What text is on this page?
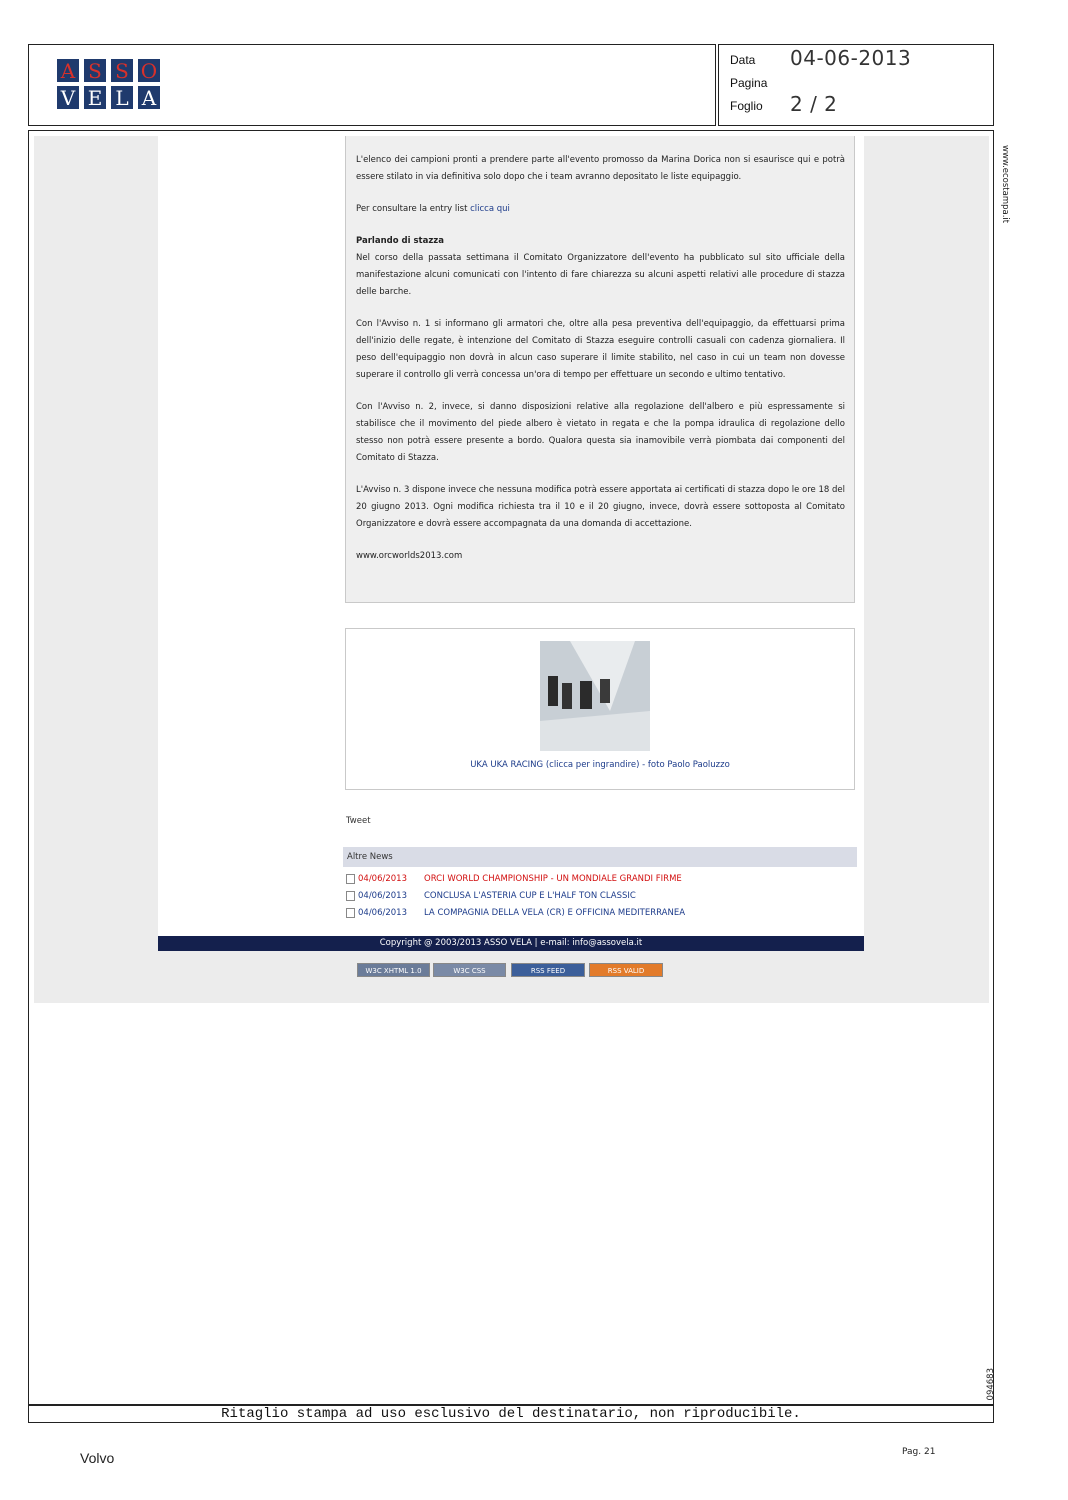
A S S O
V E L A
Data 04-06-2013
Pagina
Foglio 2 / 2

L'elenco dei campioni pronti a prendere parte all'evento promosso da Marina Dorica non si esaurisce qui e potrà essere stilato in via definitiva solo dopo che i team avranno depositato le liste equipaggio.

Per consultare la entry list clicca qui

Parlando di stazza

Nel corso della passata settimana il Comitato Organizzatore dell'evento ha pubblicato sul sito ufficiale della manifestazione alcuni comunicati con l'intento di fare chiarezza su alcuni aspetti relativi alle procedure di stazza delle barche.

Con l'Avviso n. 1 si informano gli armatori che, oltre alla pesa preventiva dell'equipaggio, da effettuarsi prima dell'inizio delle regate, è intenzione del Comitato di Stazza eseguire controlli casuali con cadenza giornaliera. Il peso dell'equipaggio non dovrà in alcun caso superare il limite stabilito, nel caso in cui un team non dovesse superare il controllo gli verrà concessa un'ora di tempo per effettuare un secondo e ultimo tentativo.

Con l'Avviso n. 2, invece, si danno disposizioni relative alla regolazione dell'albero e più espressamente si stabilisce che il movimento del piede albero è vietato in regata e che la pompa idraulica di regolazione dello stesso non potrà essere presente a bordo. Qualora questa sia inamovibile verrà piombata dai componenti del Comitato di Stazza.

L'Avviso n. 3 dispone invece che nessuna modifica potrà essere apportata ai certificati di stazza dopo le ore 18 del 20 giugno 2013. Ogni modifica richiesta tra il 10 e il 20 giugno, invece, dovrà essere sottoposta al Comitato Organizzatore e dovrà essere accompagnata da una domanda di accettazione.

www.orcworlds2013.com

UKA UKA RACING (clicca per ingrandire) - foto Paolo Paoluzzo
Tweet
Altre News
04/06/2013	ORCI WORLD CHAMPIONSHIP - UN MONDIALE GRANDI FIRME
04/06/2013	CONCLUSA L'ASTERIA CUP E L'HALF TON CLASSIC
04/06/2013	LA COMPAGNIA DELLA VELA (CR) E OFFICINA MEDITERRANEA
Copyright @ 2003/2013 ASSO VELA | e-mail: info@assovela.it
W3C XHTML 1.0	W3C CSS	RSS FEED	RSS VALID
www.ecostampa.it
094683
Ritaglio stampa ad uso esclusivo del destinatario, non riproducibile.
Volvo	Pag. 21
